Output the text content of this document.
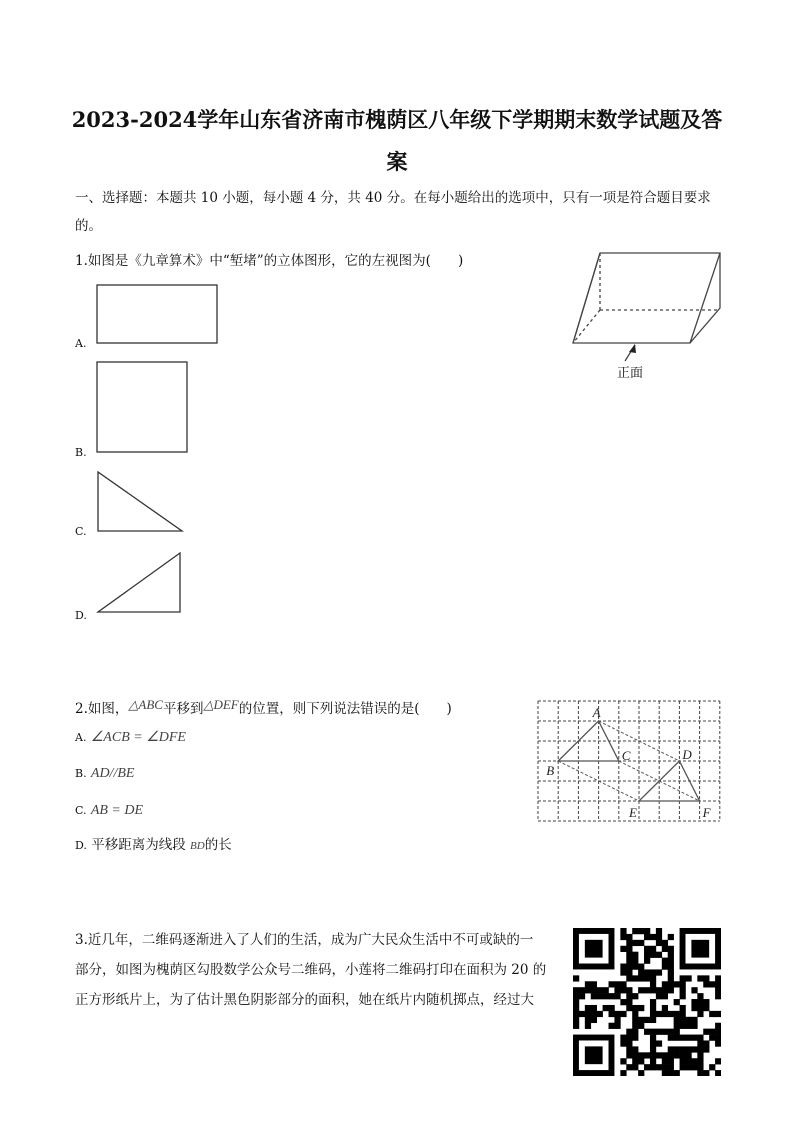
2023-2024学年山东省济南市槐荫区八年级下学期期末数学试题及答
案
一、选择题：本题共 10 小题，每小题 4 分，共 40 分。在每小题给出的选项中，只有一项是符合题目要求
的。
1.如图是《九章算术》中“堑堵”的立体图形，它的左视图为(　　)
正面
A.
B.
C.
D.
2.如图，△ABC平移到△DEF的位置，则下列说法错误的是(　　)
A. ∠ACB = ∠DFE
B. AD//BE
C. AB = DE
D. 平移距离为线段 BD的长
A
B
C	D
E	F
3.近几年，二维码逐渐进入了人们的生活，成为广大民众生活中不可或缺的一
部分，如图为槐荫区勾股数学公众号二维码，小莲将二维码打印在面积为 20 的
正方形纸片上，为了估计黑色阴影部分的面积，她在纸片内随机掷点，经过大
